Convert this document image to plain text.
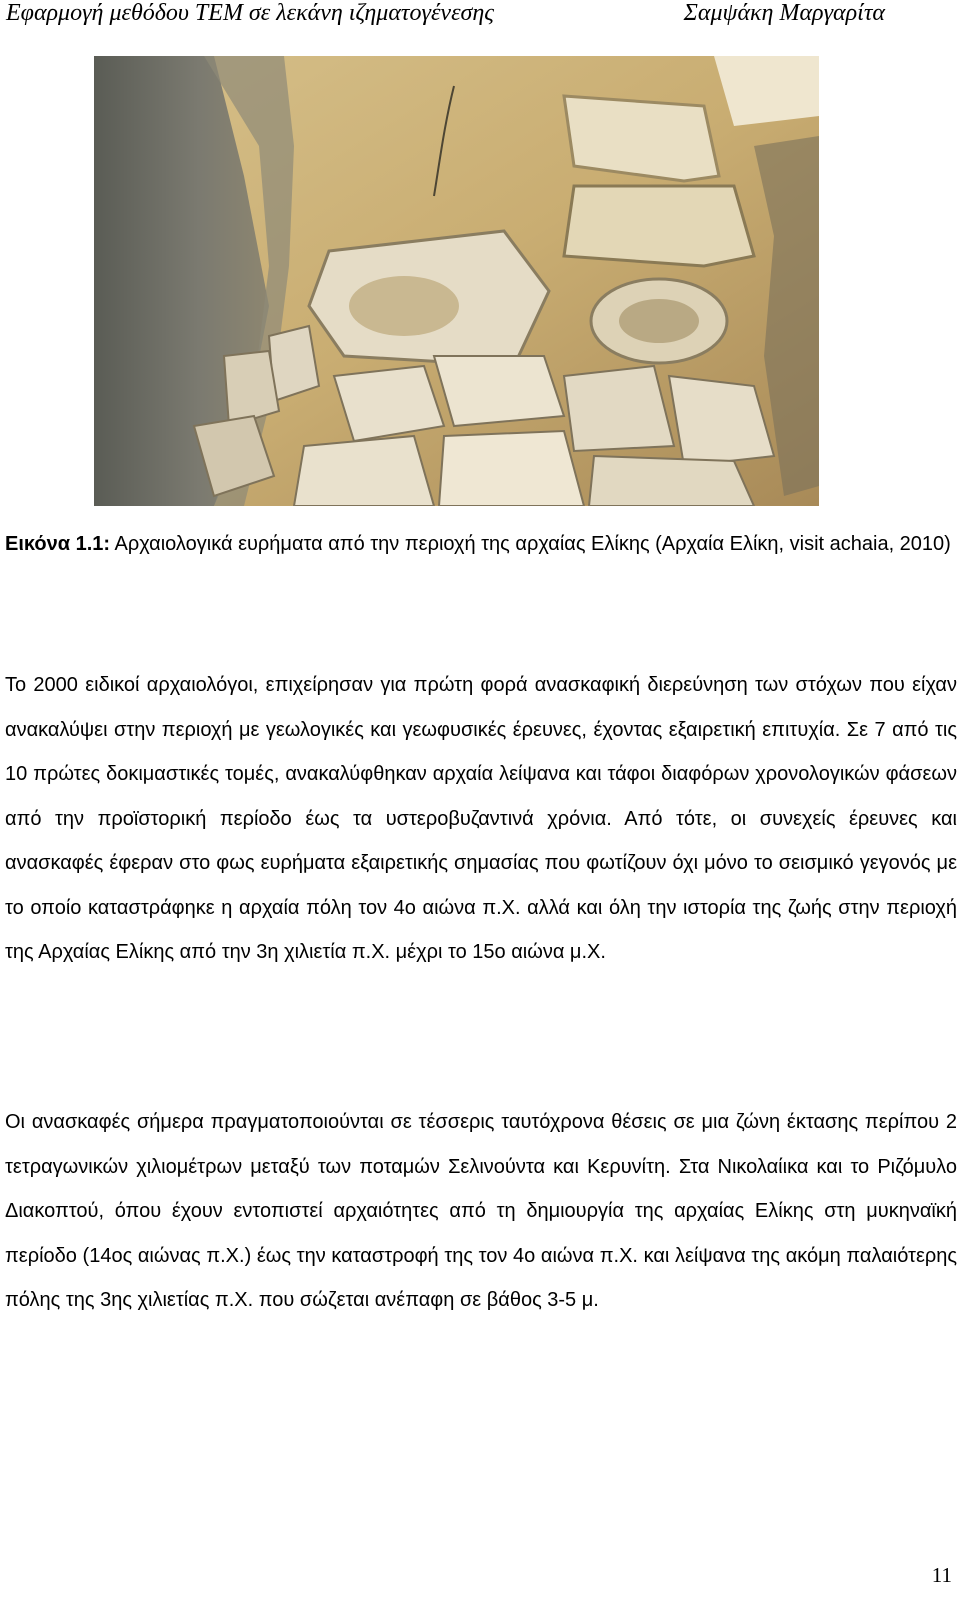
Εφαρμογή μεθόδου ΤΕΜ σε λεκάνη ιζηματογένεσης	Σαμψάκη Μαργαρίτα

Εικόνα 1.1: Αρχαιολογικά ευρήματα από την περιοχή της αρχαίας Ελίκης (Αρχαία Ελίκη, visit achaia, 2010)

Το 2000 ειδικοί αρχαιολόγοι, επιχείρησαν για πρώτη φορά ανασκαφική διερεύνηση των στόχων που είχαν ανακαλύψει στην περιοχή με γεωλογικές και γεωφυσικές έρευνες, έχοντας εξαιρετική επιτυχία. Σε 7 από τις 10 πρώτες δοκιμαστικές τομές, ανακαλύφθηκαν αρχαία λείψανα και τάφοι διαφόρων χρονολογικών φάσεων από την προϊστορική περίοδο έως τα υστεροβυζαντινά χρόνια. Από τότε, οι συνεχείς έρευνες και ανασκαφές έφεραν στο φως ευρήματα εξαιρετικής σημασίας που φωτίζουν όχι μόνο το σεισμικό γεγονός με το οποίο καταστράφηκε η αρχαία πόλη τον 4ο αιώνα π.Χ. αλλά και όλη την ιστορία της ζωής στην περιοχή της Αρχαίας Ελίκης από την 3η χιλιετία π.Χ. μέχρι το 15ο αιώνα μ.Χ.

Οι ανασκαφές σήμερα πραγματοποιούνται σε τέσσερις ταυτόχρονα θέσεις σε μια ζώνη έκτασης περίπου 2 τετραγωνικών χιλιομέτρων μεταξύ των ποταμών Σελινούντα και Κερυνίτη. Στα Νικολαίικα και το Ριζόμυλο Διακοπτού, όπου έχουν εντοπιστεί αρχαιότητες από τη δημιουργία της αρχαίας Ελίκης στη μυκηναϊκή περίοδο (14ος αιώνας π.Χ.) έως την καταστροφή της τον 4ο αιώνα π.Χ. και λείψανα της ακόμη παλαιότερης πόλης της 3ης χιλιετίας π.Χ. που σώζεται ανέπαφη σε βάθος 3-5 μ.

11
